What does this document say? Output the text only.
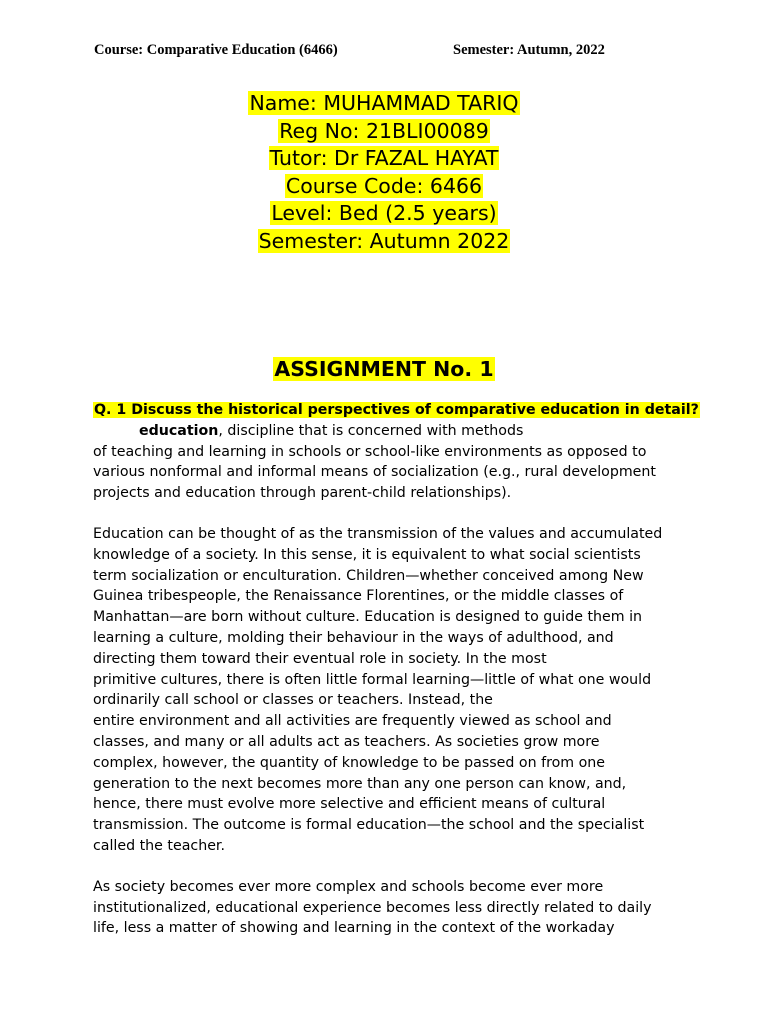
Course: Comparative Education (6466)	Semester: Autumn, 2022
Name: MUHAMMAD TARIQ
Reg No: 21BLI00089
Tutor: Dr FAZAL HAYAT
Course Code: 6466
Level: Bed (2.5 years)
Semester: Autumn 2022
ASSIGNMENT No. 1
Q. 1 Discuss the historical perspectives of comparative education in detail?
education, discipline that is concerned with methods
of teaching and learning in schools or school-like environments as opposed to
various nonformal and informal means of socialization (e.g., rural development
projects and education through parent-child relationships).
Education can be thought of as the transmission of the values and accumulated
knowledge of a society. In this sense, it is equivalent to what social scientists
term socialization or enculturation. Children—whether conceived among New
Guinea tribespeople, the Renaissance Florentines, or the middle classes of
Manhattan—are born without culture. Education is designed to guide them in
learning a culture, molding their behaviour in the ways of adulthood, and
directing them toward their eventual role in society. In the most
primitive cultures, there is often little formal learning—little of what one would
ordinarily call school or classes or teachers. Instead, the
entire environment and all activities are frequently viewed as school and
classes, and many or all adults act as teachers. As societies grow more
complex, however, the quantity of knowledge to be passed on from one
generation to the next becomes more than any one person can know, and,
hence, there must evolve more selective and efficient means of cultural
transmission. The outcome is formal education—the school and the specialist
called the teacher.
As society becomes ever more complex and schools become ever more
institutionalized, educational experience becomes less directly related to daily
life, less a matter of showing and learning in the context of the workaday
